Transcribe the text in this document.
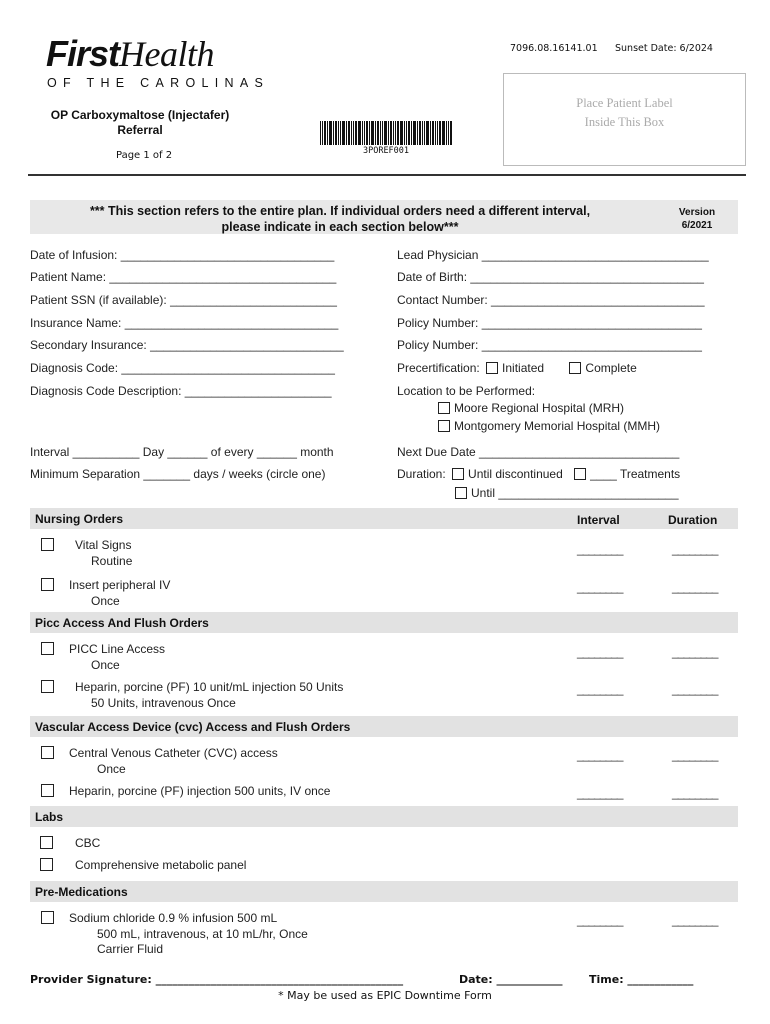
FirstHealth
OF THE CAROLINAS
OP Carboxymaltose (Injectafer)
Referral
Page 1 of 2	3POREF001
7096.08.16141.01 Sunset Date: 6/2024
Place Patient Label
Inside This Box
*** This section refers to the entire plan. If individual orders need a different interval,
please indicate in each section below***
Version
6/2021
Date of Infusion: ________________________________
Patient Name: __________________________________
Patient SSN (if available): _________________________
Insurance Name: ________________________________
Secondary Insurance: _____________________________
Diagnosis Code: ________________________________
Diagnosis Code Description: ______________________
Lead Physician __________________________________
Date of Birth: ___________________________________
Contact Number: ________________________________
Policy Number: _________________________________
Policy Number: _________________________________
Precertification: Initiated	Complete
Location to be Performed:
Moore Regional Hospital (MRH)
Montgomery Memorial Hospital (MMH)
Interval __________ Day ______ of every ______ month
Minimum Separation _______ days / weeks (circle one)
Next Due Date ______________________________
Duration: Until discontinued ____ Treatments
Until ___________________________
Nursing Orders	Interval	Duration
Vital Signs
Routine
________	________
Insert peripheral IV
Once
________	________
Picc Access And Flush Orders
PICC Line Access
Once
________	________
Heparin, porcine (PF) 10 unit/mL injection 50 Units
50 Units, intravenous Once
________	________
Vascular Access Device (cvc) Access and Flush Orders
Central Venous Catheter (CVC) access
Once
________	________
Heparin, porcine (PF) injection 500 units, IV once	________	________
Labs
CBC
Comprehensive metabolic panel
Pre-Medications
Sodium chloride 0.9 % infusion 500 mL
500 mL, intravenous, at 10 mL/hr, Once
Carrier Fluid
________	________
Provider Signature: _____________________________________________	Date: ____________ Time: ____________
* May be used as EPIC Downtime Form
